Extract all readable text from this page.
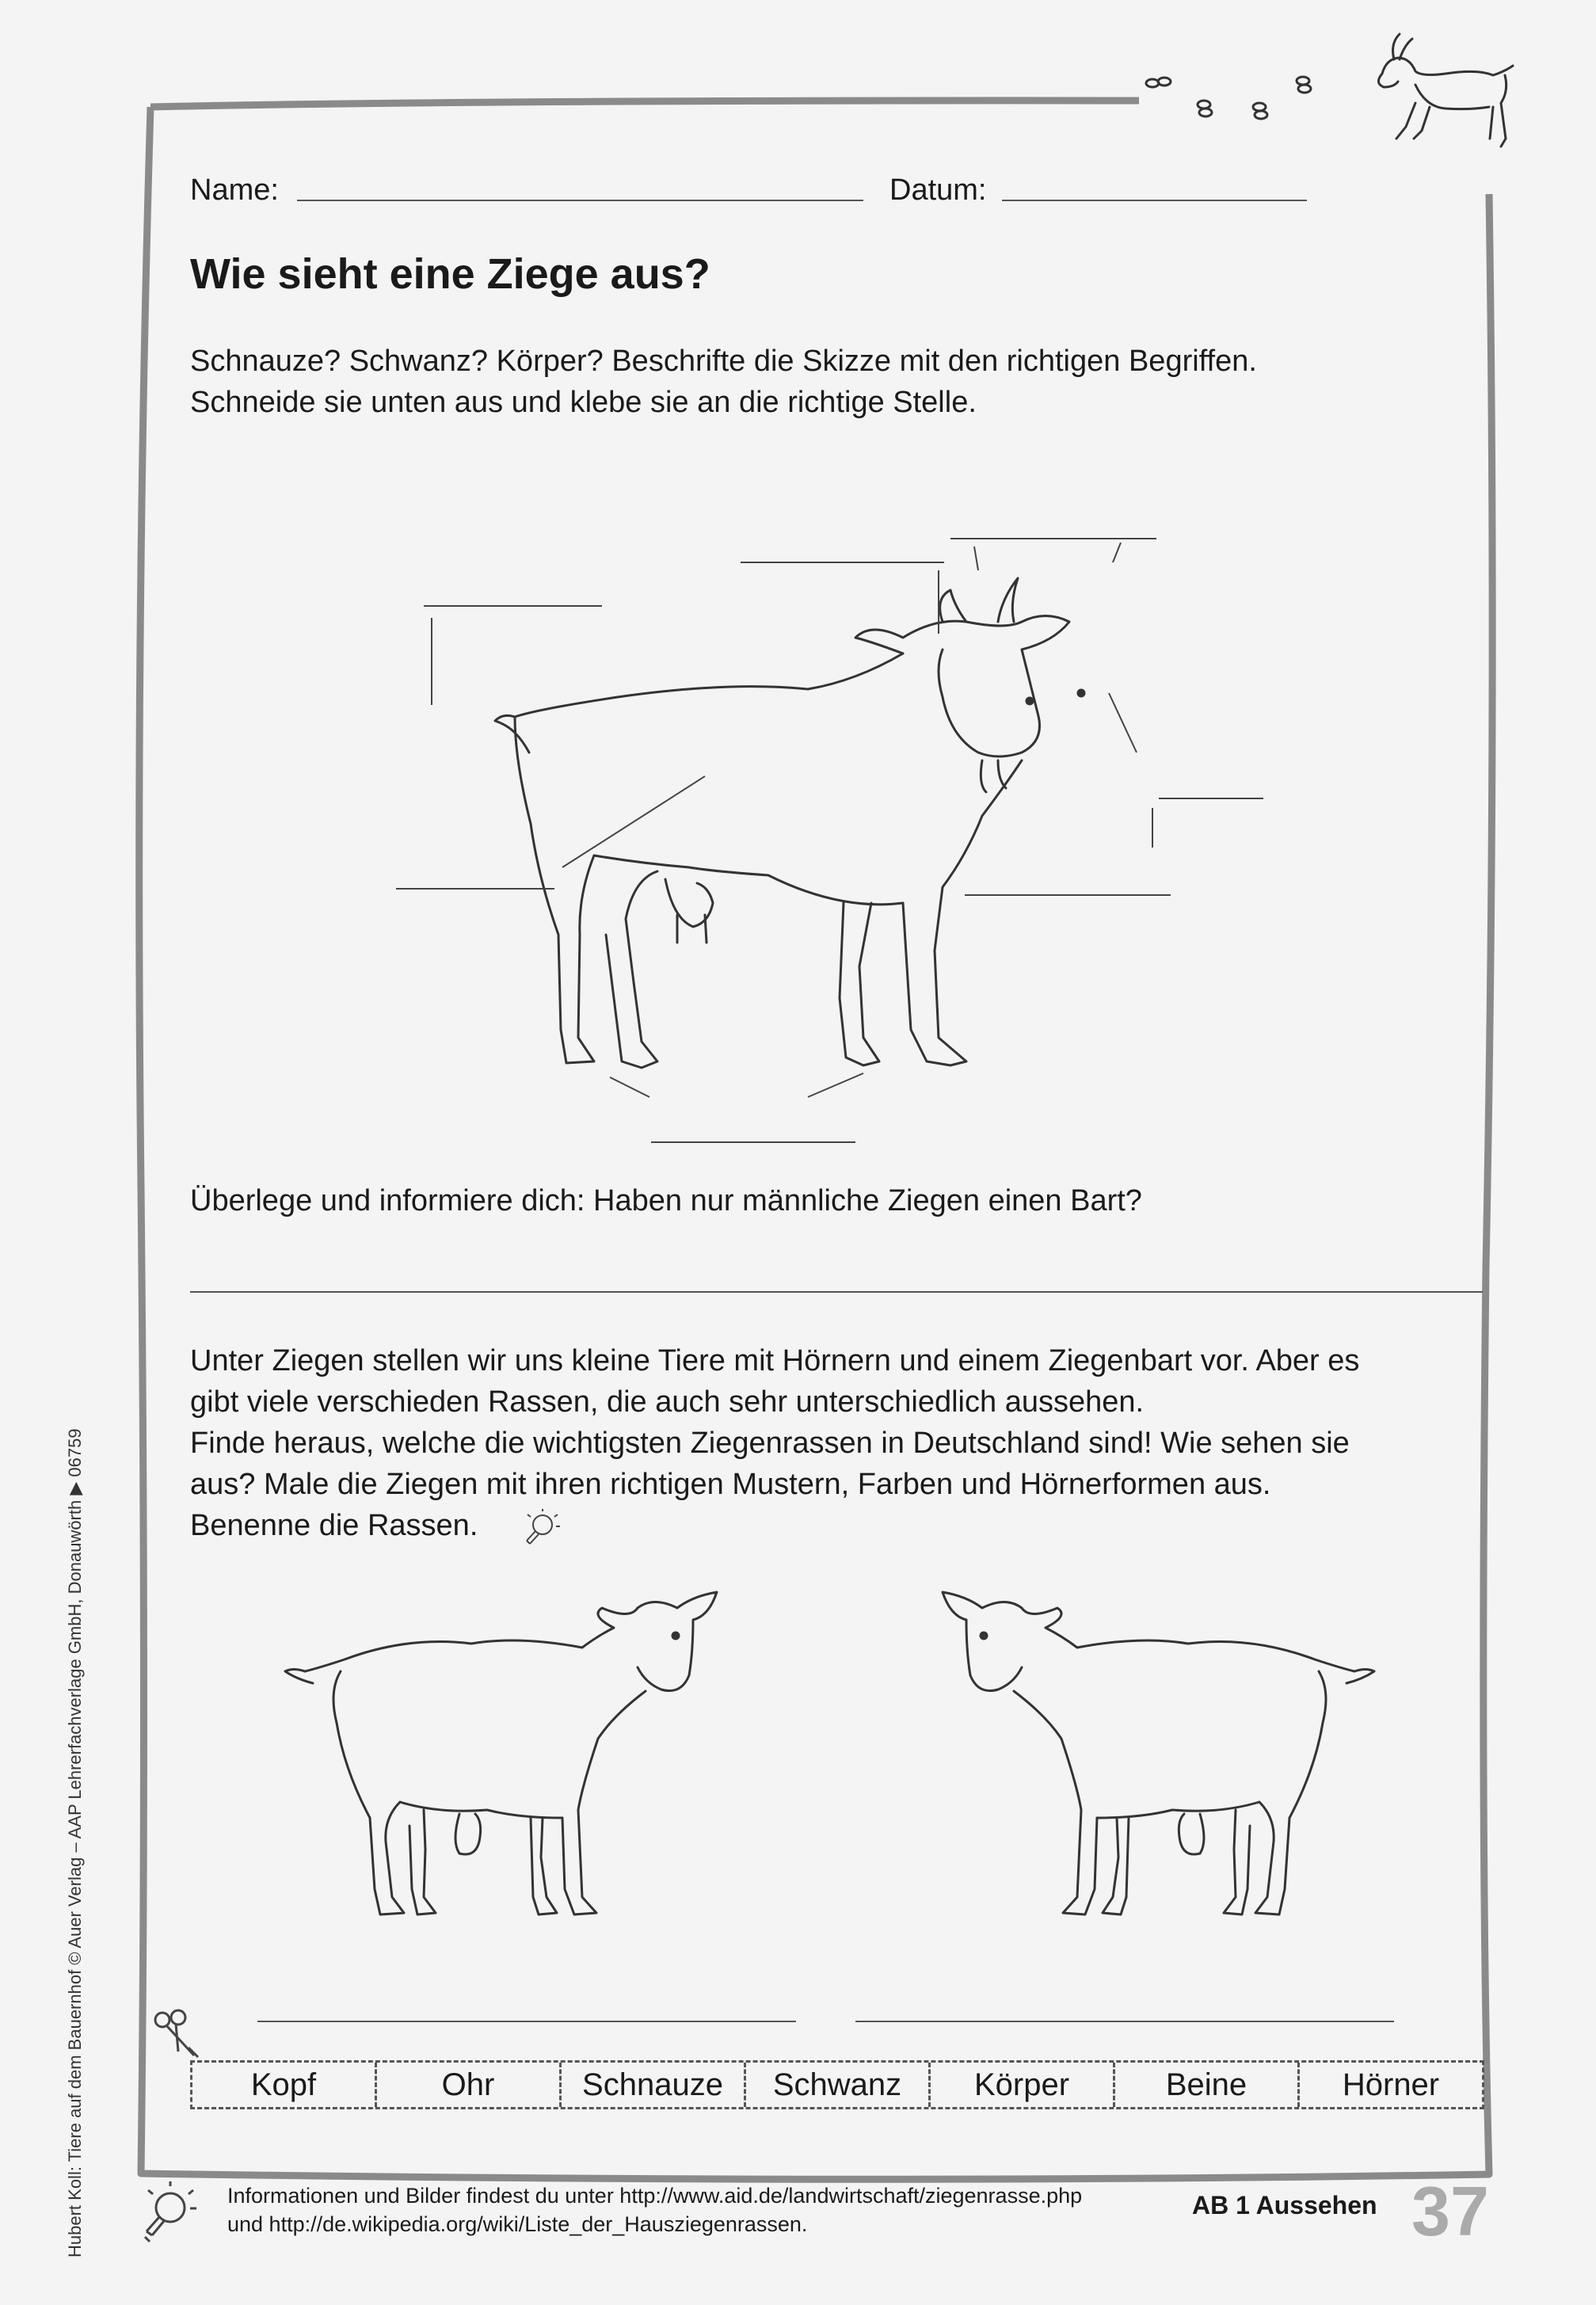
Name:	Datum:
Wie sieht eine Ziege aus?
Schnauze? Schwanz? Körper? Beschrifte die Skizze mit den richtigen Begriffen.
Schneide sie unten aus und klebe sie an die richtige Stelle.
Überlege und informiere dich: Haben nur männliche Ziegen einen Bart?
Unter Ziegen stellen wir uns kleine Tiere mit Hörnern und einem Ziegenbart vor. Aber es
gibt viele verschieden Rassen, die auch sehr unterschiedlich aussehen.
Finde heraus, welche die wichtigsten Ziegenrassen in Deutschland sind! Wie sehen sie
aus? Male die Ziegen mit ihren richtigen Mustern, Farben und Hörnerformen aus.
Benenne die Rassen.
Kopf	Ohr	Schnauze	Schwanz	Körper	Beine	Hörner
Informationen und Bilder findest du unter http://www.aid.de/landwirtschaft/ziegenrasse.php
und http://de.wikipedia.org/wiki/Liste_der_Hausziegenrassen.
AB 1 Aussehen 37
Hubert Koll: Tiere auf dem Bauernhof © Auer Verlag – AAP Lehrerfachverlage GmbH, Donauwörth ▶ 06759
